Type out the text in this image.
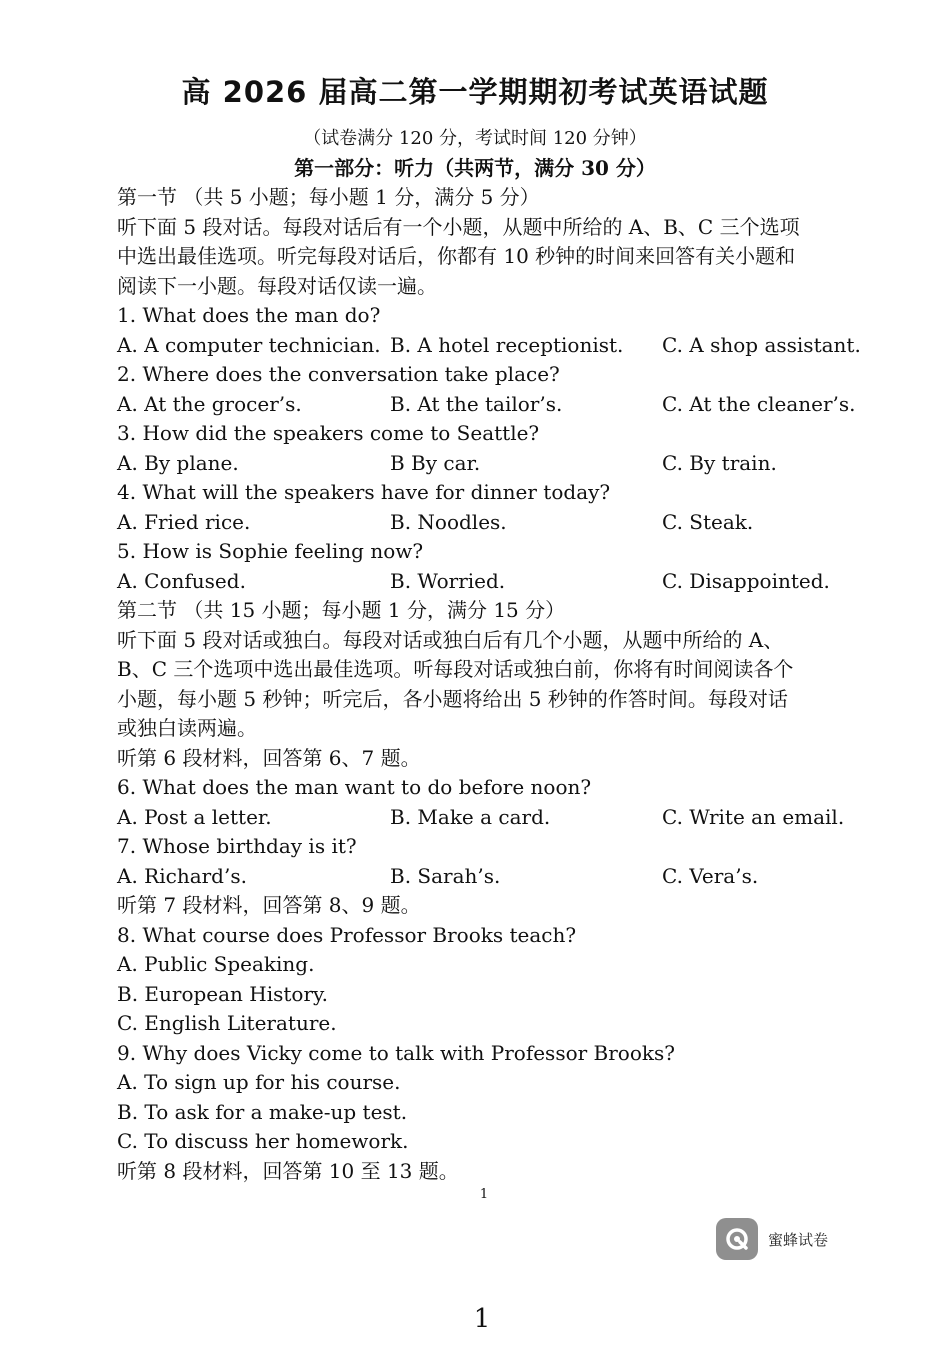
高 2026 届高二第一学期期初考试英语试题
（试卷满分 120 分，考试时间 120 分钟）
第一部分：听力（共两节，满分 30 分）
第一节 （共 5 小题；每小题 1 分，满分 5 分）
听下面 5 段对话。每段对话后有一个小题，从题中所给的 A、B、C 三个选项
中选出最佳选项。听完每段对话后，你都有 10 秒钟的时间来回答有关小题和
阅读下一小题。每段对话仅读一遍。
1. What does the man do?
A. A computer technician. B. A hotel receptionist.	C. A shop assistant.
2. Where does the conversation take place?
A. At the grocer’s.	B. At the tailor’s.	C. At the cleaner’s.
3. How did the speakers come to Seattle?
A. By plane.	B By car.	C. By train.
4. What will the speakers have for dinner today?
A. Fried rice.	B. Noodles.	C. Steak.
5. How is Sophie feeling now?
A. Confused.	B. Worried.	C. Disappointed.
第二节 （共 15 小题；每小题 1 分，满分 15 分）
听下面 5 段对话或独白。每段对话或独白后有几个小题，从题中所给的 A、
B、C 三个选项中选出最佳选项。听每段对话或独白前，你将有时间阅读各个
小题，每小题 5 秒钟；听完后，各小题将给出 5 秒钟的作答时间。每段对话
或独白读两遍。
听第 6 段材料，回答第 6、7 题。
6. What does the man want to do before noon?
A. Post a letter.	B. Make a card.	C. Write an email.
7. Whose birthday is it?
A. Richard’s.	B. Sarah’s.	C. Vera’s.
听第 7 段材料，回答第 8、9 题。
8. What course does Professor Brooks teach?
A. Public Speaking.
B. European History.
C. English Literature.
9. Why does Vicky come to talk with Professor Brooks?
A. To sign up for his course.
B. To ask for a make-up test.
C. To discuss her homework.
听第 8 段材料，回答第 10 至 13 题。
1
蜜蜂试卷
1
